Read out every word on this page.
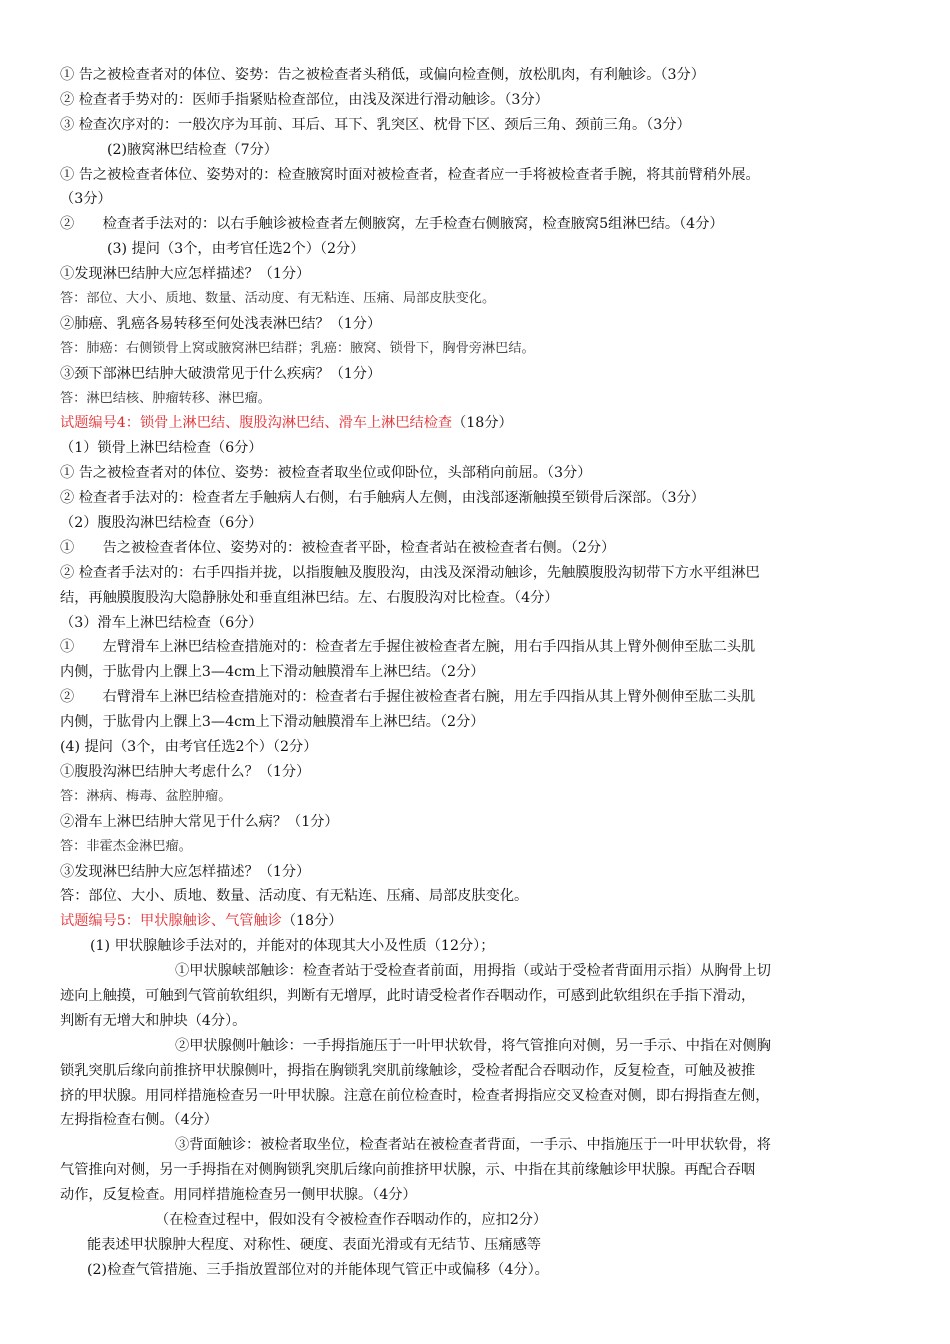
① 告之被检查者对的体位、姿势：告之被检查者头稍低，或偏向检查侧，放松肌肉，有利触诊。（3分）
② 检查者手势对的：医师手指紧贴检查部位，由浅及深进行滑动触诊。（3分）
③ 检查次序对的：一般次序为耳前、耳后、耳下、乳突区、枕骨下区、颈后三角、颈前三角。（3分）
(2)腋窝淋巴结检查（7分）
① 告之被检查者体位、姿势对的：检查腋窝时面对被检查者，检查者应一手将被检查者手腕，将其前臂稍外展。
（3分）
②　　检查者手法对的：以右手触诊被检查者左侧腋窝，左手检查右侧腋窝，检查腋窝5组淋巴结。（4分）
(3) 提问（3个，由考官任选2个）（2分）
①发现淋巴结肿大应怎样描述？（1分）
答：部位、大小、质地、数量、活动度、有无粘连、压痛、局部皮肤变化。
②肺癌、乳癌各易转移至何处浅表淋巴结？（1分）
答：肺癌：右侧锁骨上窝或腋窝淋巴结群；乳癌：腋窝、锁骨下，胸骨旁淋巴结。
③颈下部淋巴结肿大破溃常见于什么疾病？（1分）
答：淋巴结核、肿瘤转移、淋巴瘤。
试题编号4：锁骨上淋巴结、腹股沟淋巴结、滑车上淋巴结检查（18分）
（1）锁骨上淋巴结检查（6分）
① 告之被检查者对的体位、姿势：被检查者取坐位或仰卧位，头部稍向前屈。（3分）
② 检查者手法对的：检查者左手触病人右侧，右手触病人左侧，由浅部逐渐触摸至锁骨后深部。（3分）
（2）腹股沟淋巴结检查（6分）
①　　告之被检查者体位、姿势对的：被检查者平卧，检查者站在被检查者右侧。（2分）
② 检查者手法对的：右手四指并拢，以指腹触及腹股沟，由浅及深滑动触诊，先触膜腹股沟韧带下方水平组淋巴
结，再触膜腹股沟大隐静脉处和垂直组淋巴结。左、右腹股沟对比检查。（4分）
（3）滑车上淋巴结检查（6分）
①　　左臂滑车上淋巴结检查措施对的：检查者左手握住被检查者左腕，用右手四指从其上臂外侧伸至肱二头肌
内侧，于肱骨内上髁上3—4cm上下滑动触膜滑车上淋巴结。（2分）
②　　右臂滑车上淋巴结检查措施对的：检查者右手握住被检查者右腕，用左手四指从其上臂外侧伸至肱二头肌
内侧，于肱骨内上髁上3—4cm上下滑动触膜滑车上淋巴结。（2分）
(4) 提问（3个，由考官任选2个）（2分）
①腹股沟淋巴结肿大考虑什么？（1分）
答：淋病、梅毒、盆腔肿瘤。
②滑车上淋巴结肿大常见于什么病？（1分）
答：非霍杰金淋巴瘤。
③发现淋巴结肿大应怎样描述？（1分）
答：部位、大小、质地、数量、活动度、有无粘连、压痛、局部皮肤变化。
试题编号5：甲状腺触诊、气管触诊（18分）
(1) 甲状腺触诊手法对的，并能对的体现其大小及性质（12分）；
①甲状腺峡部触诊：检查者站于受检查者前面，用拇指（或站于受检者背面用示指）从胸骨上切
迹向上触摸，可触到气管前软组织，判断有无增厚，此时请受检者作吞咽动作，可感到此软组织在手指下滑动，
判断有无增大和肿块（4分）。
②甲状腺侧叶触诊：一手拇指施压于一叶甲状软骨，将气管推向对侧，另一手示、中指在对侧胸
锁乳突肌后缘向前推挤甲状腺侧叶，拇指在胸锁乳突肌前缘触诊，受检者配合吞咽动作，反复检查，可触及被推
挤的甲状腺。用同样措施检查另一叶甲状腺。注意在前位检查时，检查者拇指应交叉检查对侧，即右拇指查左侧，
左拇指检查右侧。（4分）
③背面触诊：被检者取坐位，检查者站在被检查者背面，一手示、中指施压于一叶甲状软骨，将
气管推向对侧，另一手拇指在对侧胸锁乳突肌后缘向前推挤甲状腺，示、中指在其前缘触诊甲状腺。再配合吞咽
动作，反复检查。用同样措施检查另一侧甲状腺。（4分）
（在检查过程中，假如没有令被检查作吞咽动作的，应扣2分）
能表述甲状腺肿大程度、对称性、硬度、表面光滑或有无结节、压痛感等
(2)检查气管措施、三手指放置部位对的并能体现气管正中或偏移（4分）。
